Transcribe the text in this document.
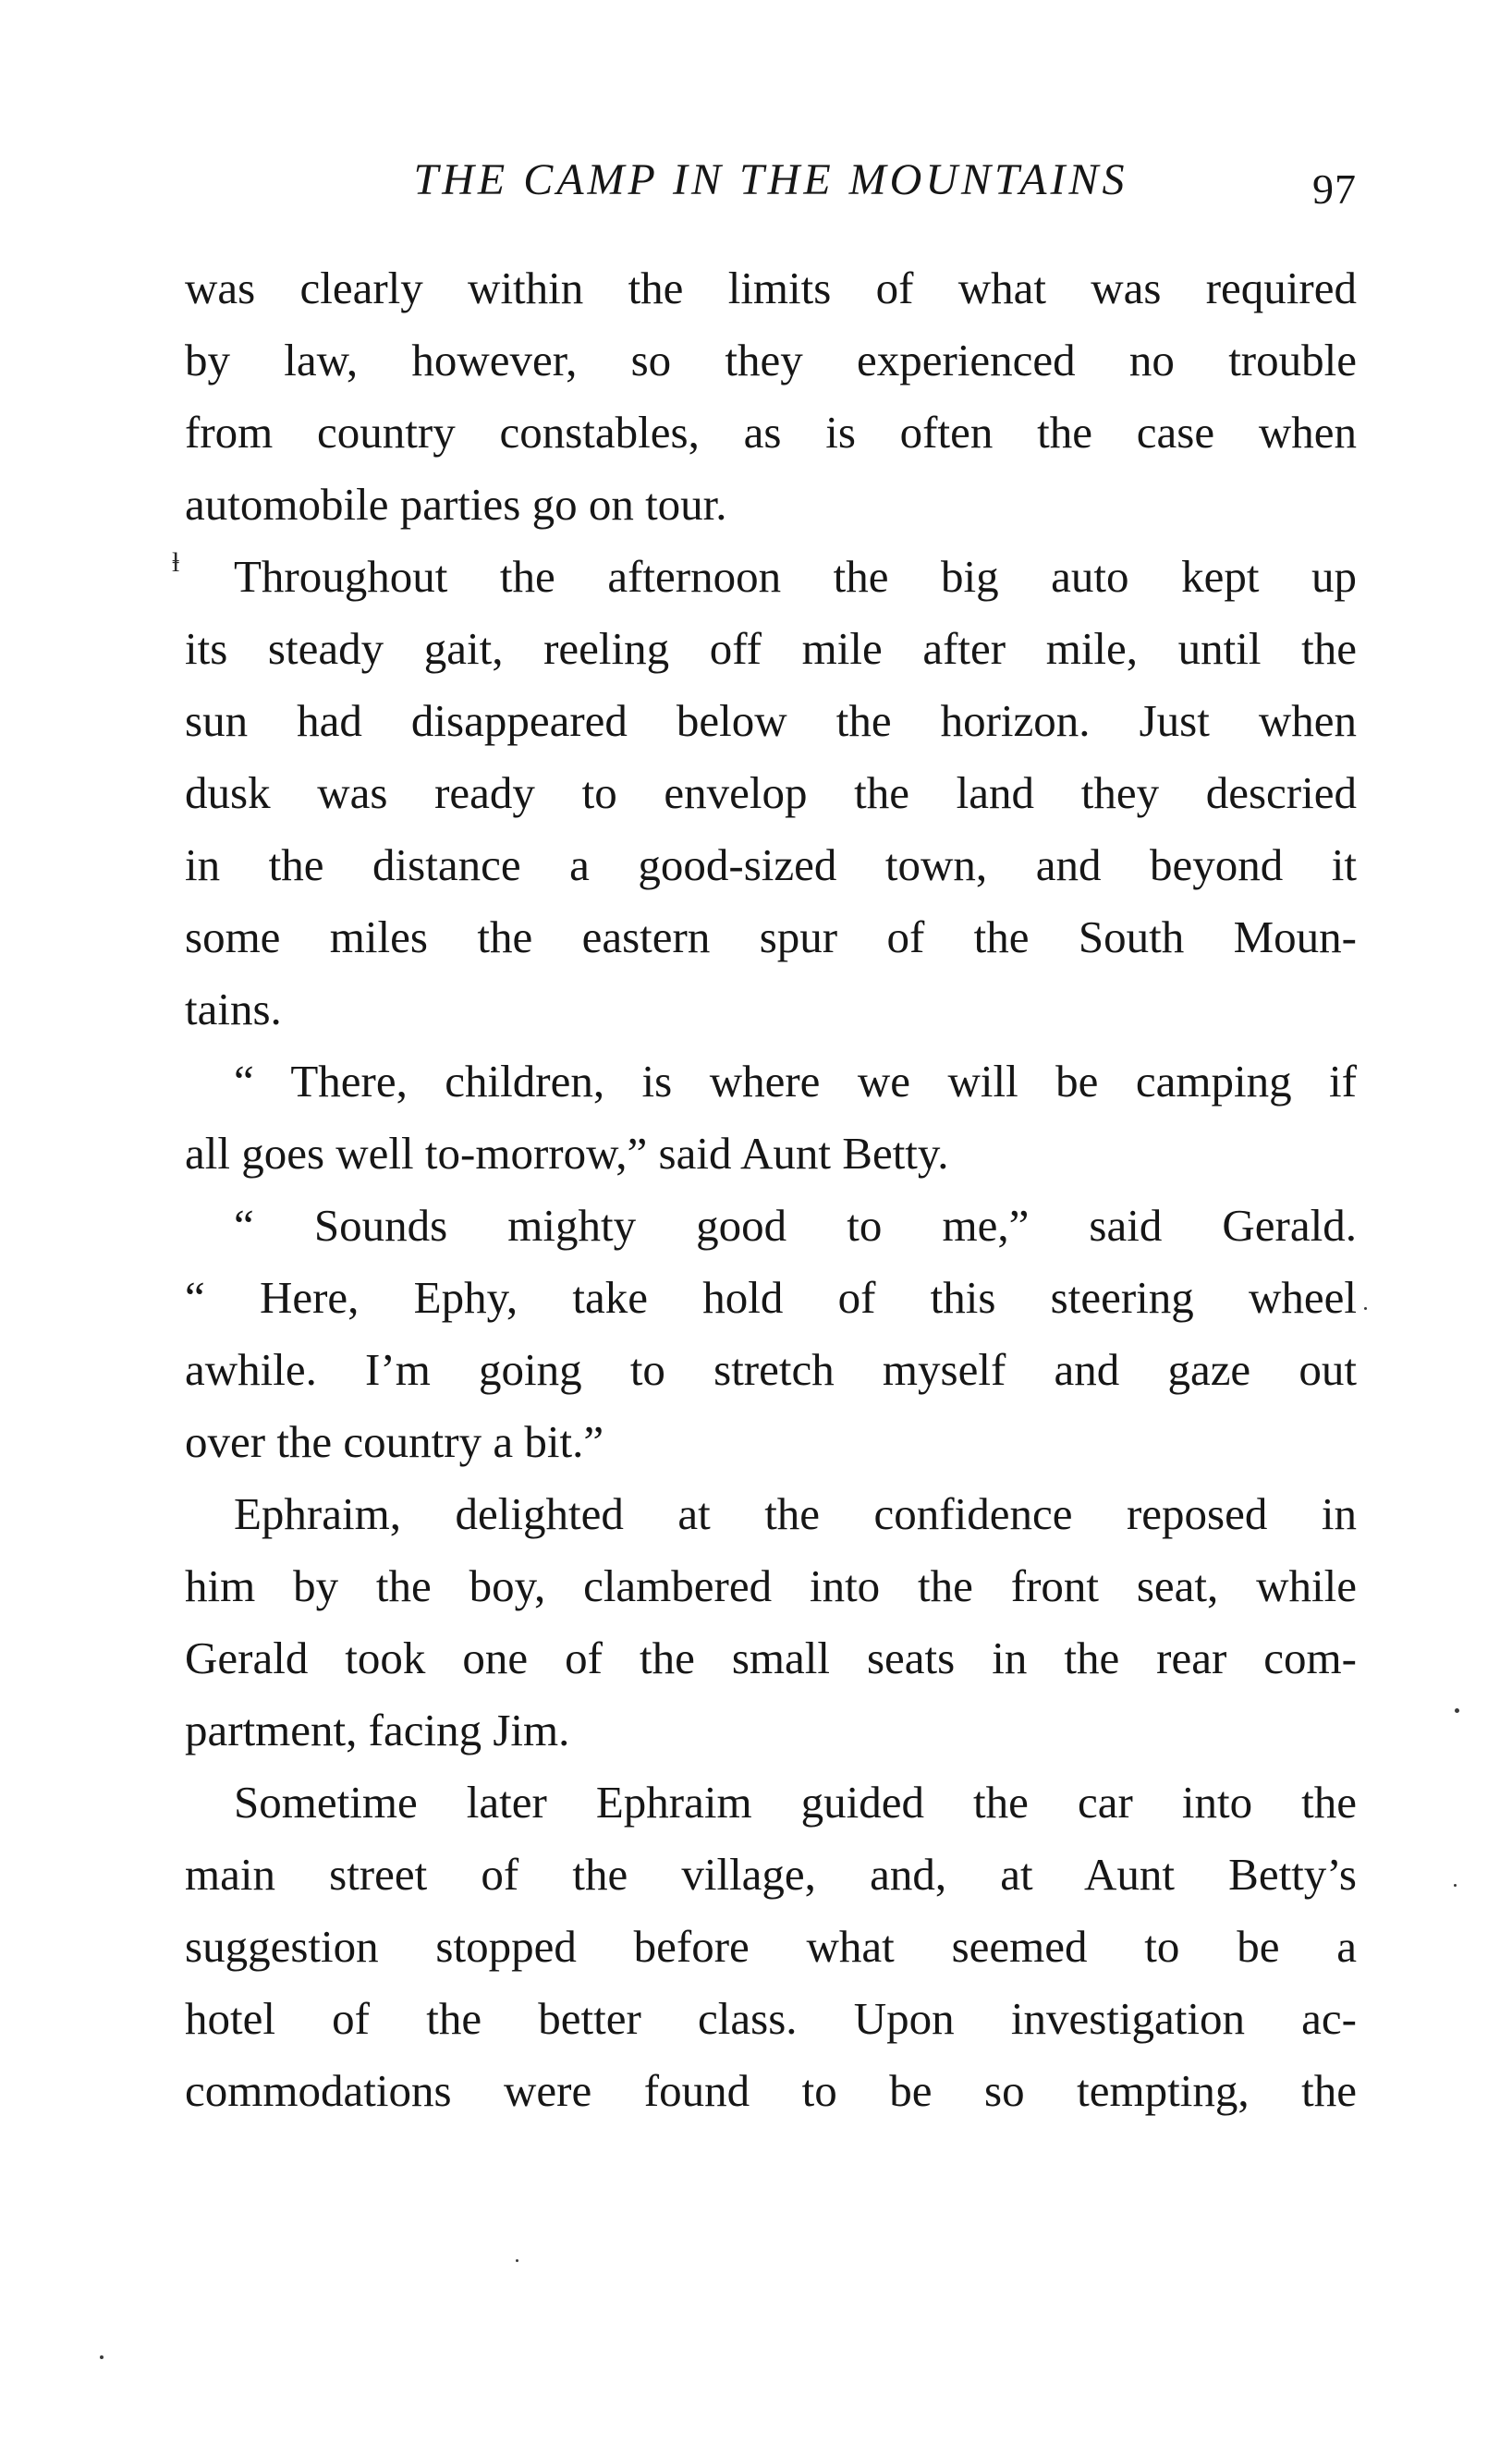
THE CAMP IN THE MOUNTAINS	97
ⱡ
was clearly within the limits of what was required
by law, however, so they experienced no trouble
from country constables, as is often the case when
automobile parties go on tour.
Throughout the afternoon the big auto kept up
its steady gait, reeling off mile after mile, until the
sun had disappeared below the horizon. Just when
dusk was ready to envelop the land they descried
in the distance a good-sized town, and beyond it
some miles the eastern spur of the South Moun-
tains.
“ There, children, is where we will be camping if
all goes well to-morrow,” said Aunt Betty.
“ Sounds mighty good to me,” said Gerald.
“ Here, Ephy, take hold of this steering wheel
awhile. I’m going to stretch myself and gaze out
over the country a bit.”
Ephraim, delighted at the confidence reposed in
him by the boy, clambered into the front seat, while
Gerald took one of the small seats in the rear com-
partment, facing Jim.
Sometime later Ephraim guided the car into the
main street of the village, and, at Aunt Betty’s
suggestion stopped before what seemed to be a
hotel of the better class. Upon investigation ac-
commodations were found to be so tempting, the
